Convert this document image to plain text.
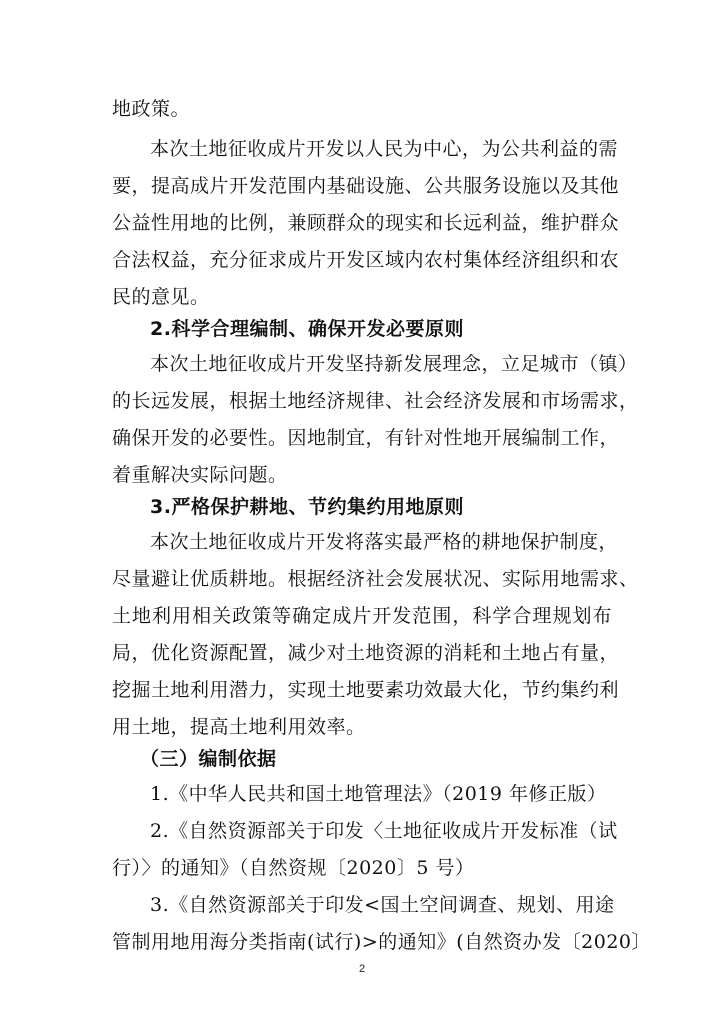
地政策。
本次土地征收成片开发以人民为中心，为公共利益的需
要，提高成片开发范围内基础设施、公共服务设施以及其他
公益性用地的比例，兼顾群众的现实和长远利益，维护群众
合法权益，充分征求成片开发区域内农村集体经济组织和农
民的意见。
2.科学合理编制、确保开发必要原则
本次土地征收成片开发坚持新发展理念，立足城市（镇）
的长远发展，根据土地经济规律、社会经济发展和市场需求，
确保开发的必要性。因地制宜，有针对性地开展编制工作，
着重解决实际问题。
3.严格保护耕地、节约集约用地原则
本次土地征收成片开发将落实最严格的耕地保护制度，
尽量避让优质耕地。根据经济社会发展状况、实际用地需求、
土地利用相关政策等确定成片开发范围，科学合理规划布
局，优化资源配置，减少对土地资源的消耗和土地占有量，
挖掘土地利用潜力，实现土地要素功效最大化，节约集约利
用土地，提高土地利用效率。
（三）编制依据
1.《中华人民共和国土地管理法》（2019 年修正版）
2.《自然资源部关于印发〈土地征收成片开发标准（试
行）〉的通知》（自然资规〔2020〕5 号）
3.《自然资源部关于印发<国土空间调查、规划、用途
管制用地用海分类指南(试行)>的通知》(自然资办发〔2020〕
2
